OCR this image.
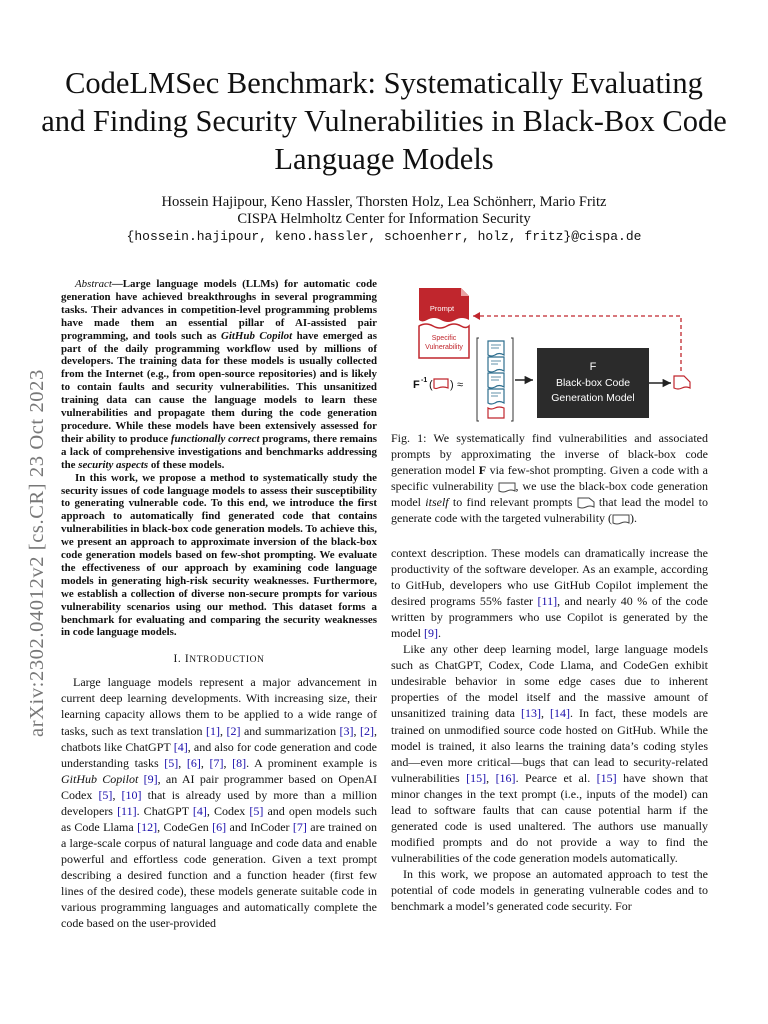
CodeLMSec Benchmark: Systematically Evaluating and Finding Security Vulnerabilities in Black-Box Code Language Models
Hossein Hajipour, Keno Hassler, Thorsten Holz, Lea Schönherr, Mario Fritz
CISPA Helmholtz Center for Information Security
{hossein.hajipour, keno.hassler, schoenherr, holz, fritz}@cispa.de
arXiv:2302.04012v2 [cs.CR] 23 Oct 2023

Abstract—Large language models (LLMs) for automatic code generation have achieved breakthroughs in several programming tasks. Their advances in competition-level programming problems have made them an essential pillar of AI-assisted pair programming, and tools such as GitHub Copilot have emerged as part of the daily programming workflow used by millions of developers. The training data for these models is usually collected from the Internet (e.g., from open-source repositories) and is likely to contain faults and security vulnerabilities. This unsanitized training data can cause the language models to learn these vulnerabilities and propagate them during the code generation procedure. While these models have been extensively assessed for their ability to produce functionally correct programs, there remains a lack of comprehensive investigations and benchmarks addressing the security aspects of these models.

In this work, we propose a method to systematically study the security issues of code language models to assess their susceptibility to generating vulnerable code. To this end, we introduce the first approach to automatically find generated code that contains vulnerabilities in black-box code generation models. To achieve this, we present an approach to approximate inversion of the black-box code generation models based on few-shot prompting. We evaluate the effectiveness of our approach by examining code language models in generating high-risk security weaknesses. Furthermore, we establish a collection of diverse non-secure prompts for various vulnerability scenarios using our method. This dataset forms a benchmark for evaluating and comparing the security weaknesses in code language models.

I. INTRODUCTION

Large language models represent a major advancement in current deep learning developments. With increasing size, their learning capacity allows them to be applied to a wide range of tasks, such as text translation [1], [2] and summarization [3], [2], chatbots like ChatGPT [4], and also for code generation and code understanding tasks [5], [6], [7], [8]. A prominent example is GitHub Copilot [9], an AI pair programmer based on OpenAI Codex [5], [10] that is already used by more than a million developers [11]. ChatGPT [4], Codex [5] and open models such as Code Llama [12], CodeGen [6] and InCoder [7] are trained on a large-scale corpus of natural language and code data and enable powerful and effortless code generation. Given a text prompt describing a desired function and a function header (first few lines of the desired code), these models generate suitable code in various programming languages and automatically complete the code based on the user-provided

Prompt
Specific
Vulnerability
F -1 ( ) ≈
F
Black-box Code
Generation Model

Fig. 1: We systematically find vulnerabilities and associated prompts by approximating the inverse of black-box code generation model F via few-shot prompting. Given a code with a specific vulnerability , we use the black-box code generation model itself to find relevant prompts  that lead the model to generate code with the targeted vulnerability ( ).

context description. These models can dramatically increase the productivity of the software developer. As an example, according to GitHub, developers who use GitHub Copilot implement the desired programs 55% faster [11], and nearly 40 % of the code written by programmers who use Copilot is generated by the model [9].

Like any other deep learning model, large language models such as ChatGPT, Codex, Code Llama, and CodeGen exhibit undesirable behavior in some edge cases due to inherent properties of the model itself and the massive amount of unsanitized training data [13], [14]. In fact, these models are trained on unmodified source code hosted on GitHub. While the model is trained, it also learns the training data’s coding styles and—even more critical—bugs that can lead to security-related vulnerabilities [15], [16]. Pearce et al. [15] have shown that minor changes in the text prompt (i.e., inputs of the model) can lead to software faults that can cause potential harm if the generated code is used unaltered. The authors use manually modified prompts and do not provide a way to find the vulnerabilities of the code generation models automatically.

In this work, we propose an automated approach to test the potential of code models in generating vulnerable codes and to benchmark a model’s generated code security. For
